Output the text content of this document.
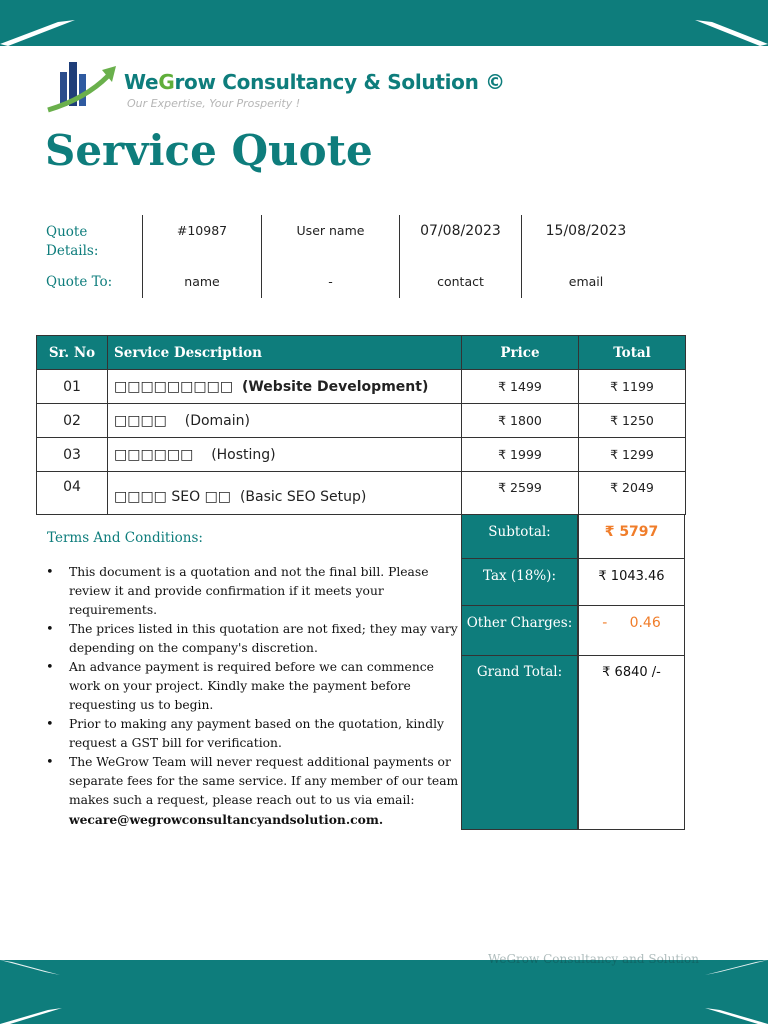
WeGrow Consultancy & Solution ©
Our Expertise, Your Prosperity !
Service Quote
Quote Details:
Quote To:
#10987	User name	07/08/2023	15/08/2023
name	-	contact	email
Sr. No	Service Description	Price	Total
01	□□□□□□□□□ (Website Development)	₹ 1499	₹ 1199
02	□□□□ (Domain)	₹ 1800	₹ 1250
03	□□□□□□ (Hosting)	₹ 1999	₹ 1299
04	□□□□ SEO □□ (Basic SEO Setup)	₹ 2599	₹ 2049
Terms And Conditions:
• This document is a quotation and not the final bill. Please review it and provide confirmation if it meets your requirements.
• The prices listed in this quotation are not fixed; they may vary depending on the company's discretion.
• An advance payment is required before we can commence work on your project. Kindly make the payment before requesting us to begin.
• Prior to making any payment based on the quotation, kindly request a GST bill for verification.
• The WeGrow Team will never request additional payments or separate fees for the same service. If any member of our team makes such a request, please reach out to us via email:
wecare@wegrowconsultancyandsolution.com.
Subtotal:	₹ 5797
Tax (18%):	₹ 1043.46
Other Charges:	- 0.46
Grand Total:	₹ 6840 /-
WeGrow Consultancy and Solution
